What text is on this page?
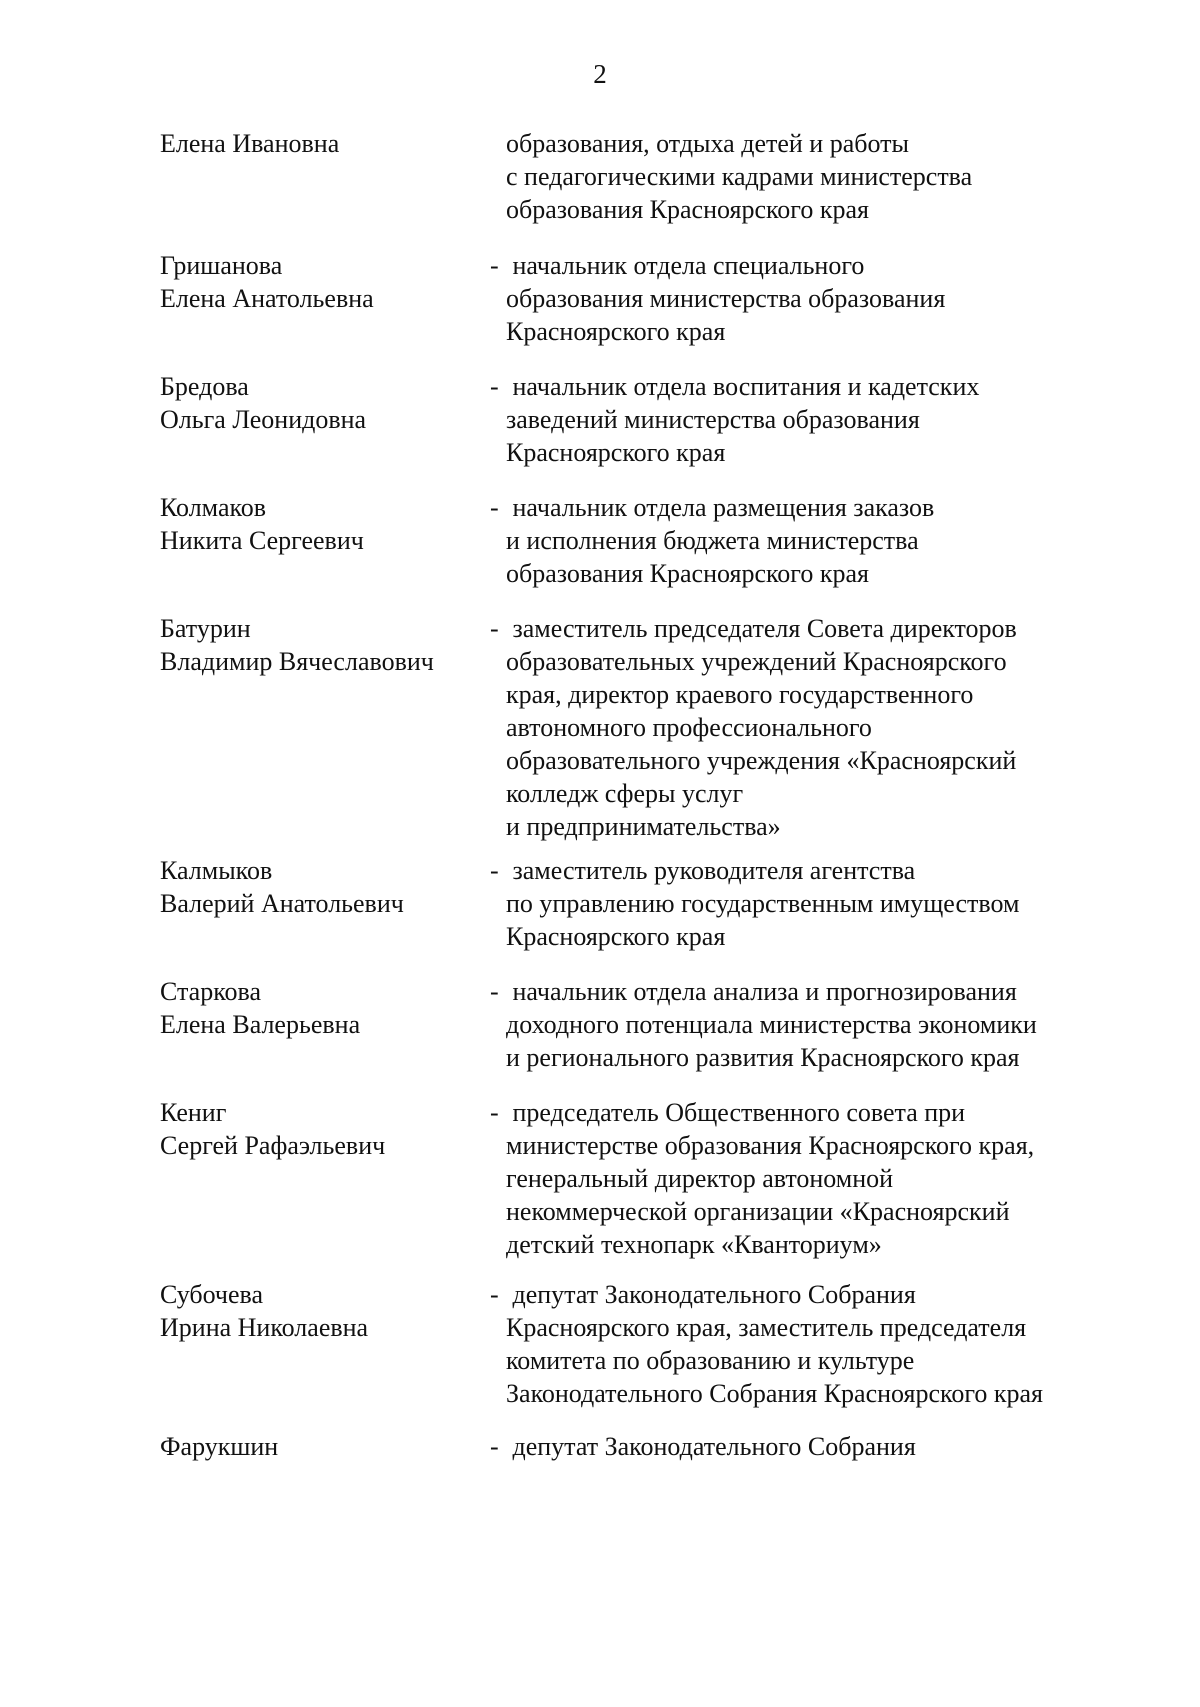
2
Елена Ивановна	образования, отдыха детей и работы
с педагогическими кадрами министерства
образования Красноярского края
Гришанова
Елена Анатольевна
- начальник отдела специального
образования министерства образования
Красноярского края
Бредова
Ольга Леонидовна
- начальник отдела воспитания и кадетских
заведений министерства образования
Красноярского края
Колмаков
Никита Сергеевич
- начальник отдела размещения заказов
и исполнения бюджета министерства
образования Красноярского края
Батурин
Владимир Вячеславович
- заместитель председателя Совета директоров
образовательных учреждений Красноярского
края, директор краевого государственного
автономного профессионального
образовательного учреждения «Красноярский
колледж сферы услуг
и предпринимательства»
Калмыков
Валерий Анатольевич
- заместитель руководителя агентства
по управлению государственным имуществом
Красноярского края
Старкова
Елена Валерьевна
- начальник отдела анализа и прогнозирования
доходного потенциала министерства экономики
и регионального развития Красноярского края
Кениг
Сергей Рафаэльевич
- председатель Общественного совета при
министерстве образования Красноярского края,
генеральный директор автономной
некоммерческой организации «Красноярский
детский технопарк «Кванториум»
Субочева
Ирина Николаевна
- депутат Законодательного Собрания
Красноярского края, заместитель председателя
комитета по образованию и культуре
Законодательного Собрания Красноярского края
Фарукшин	- депутат Законодательного Собрания
